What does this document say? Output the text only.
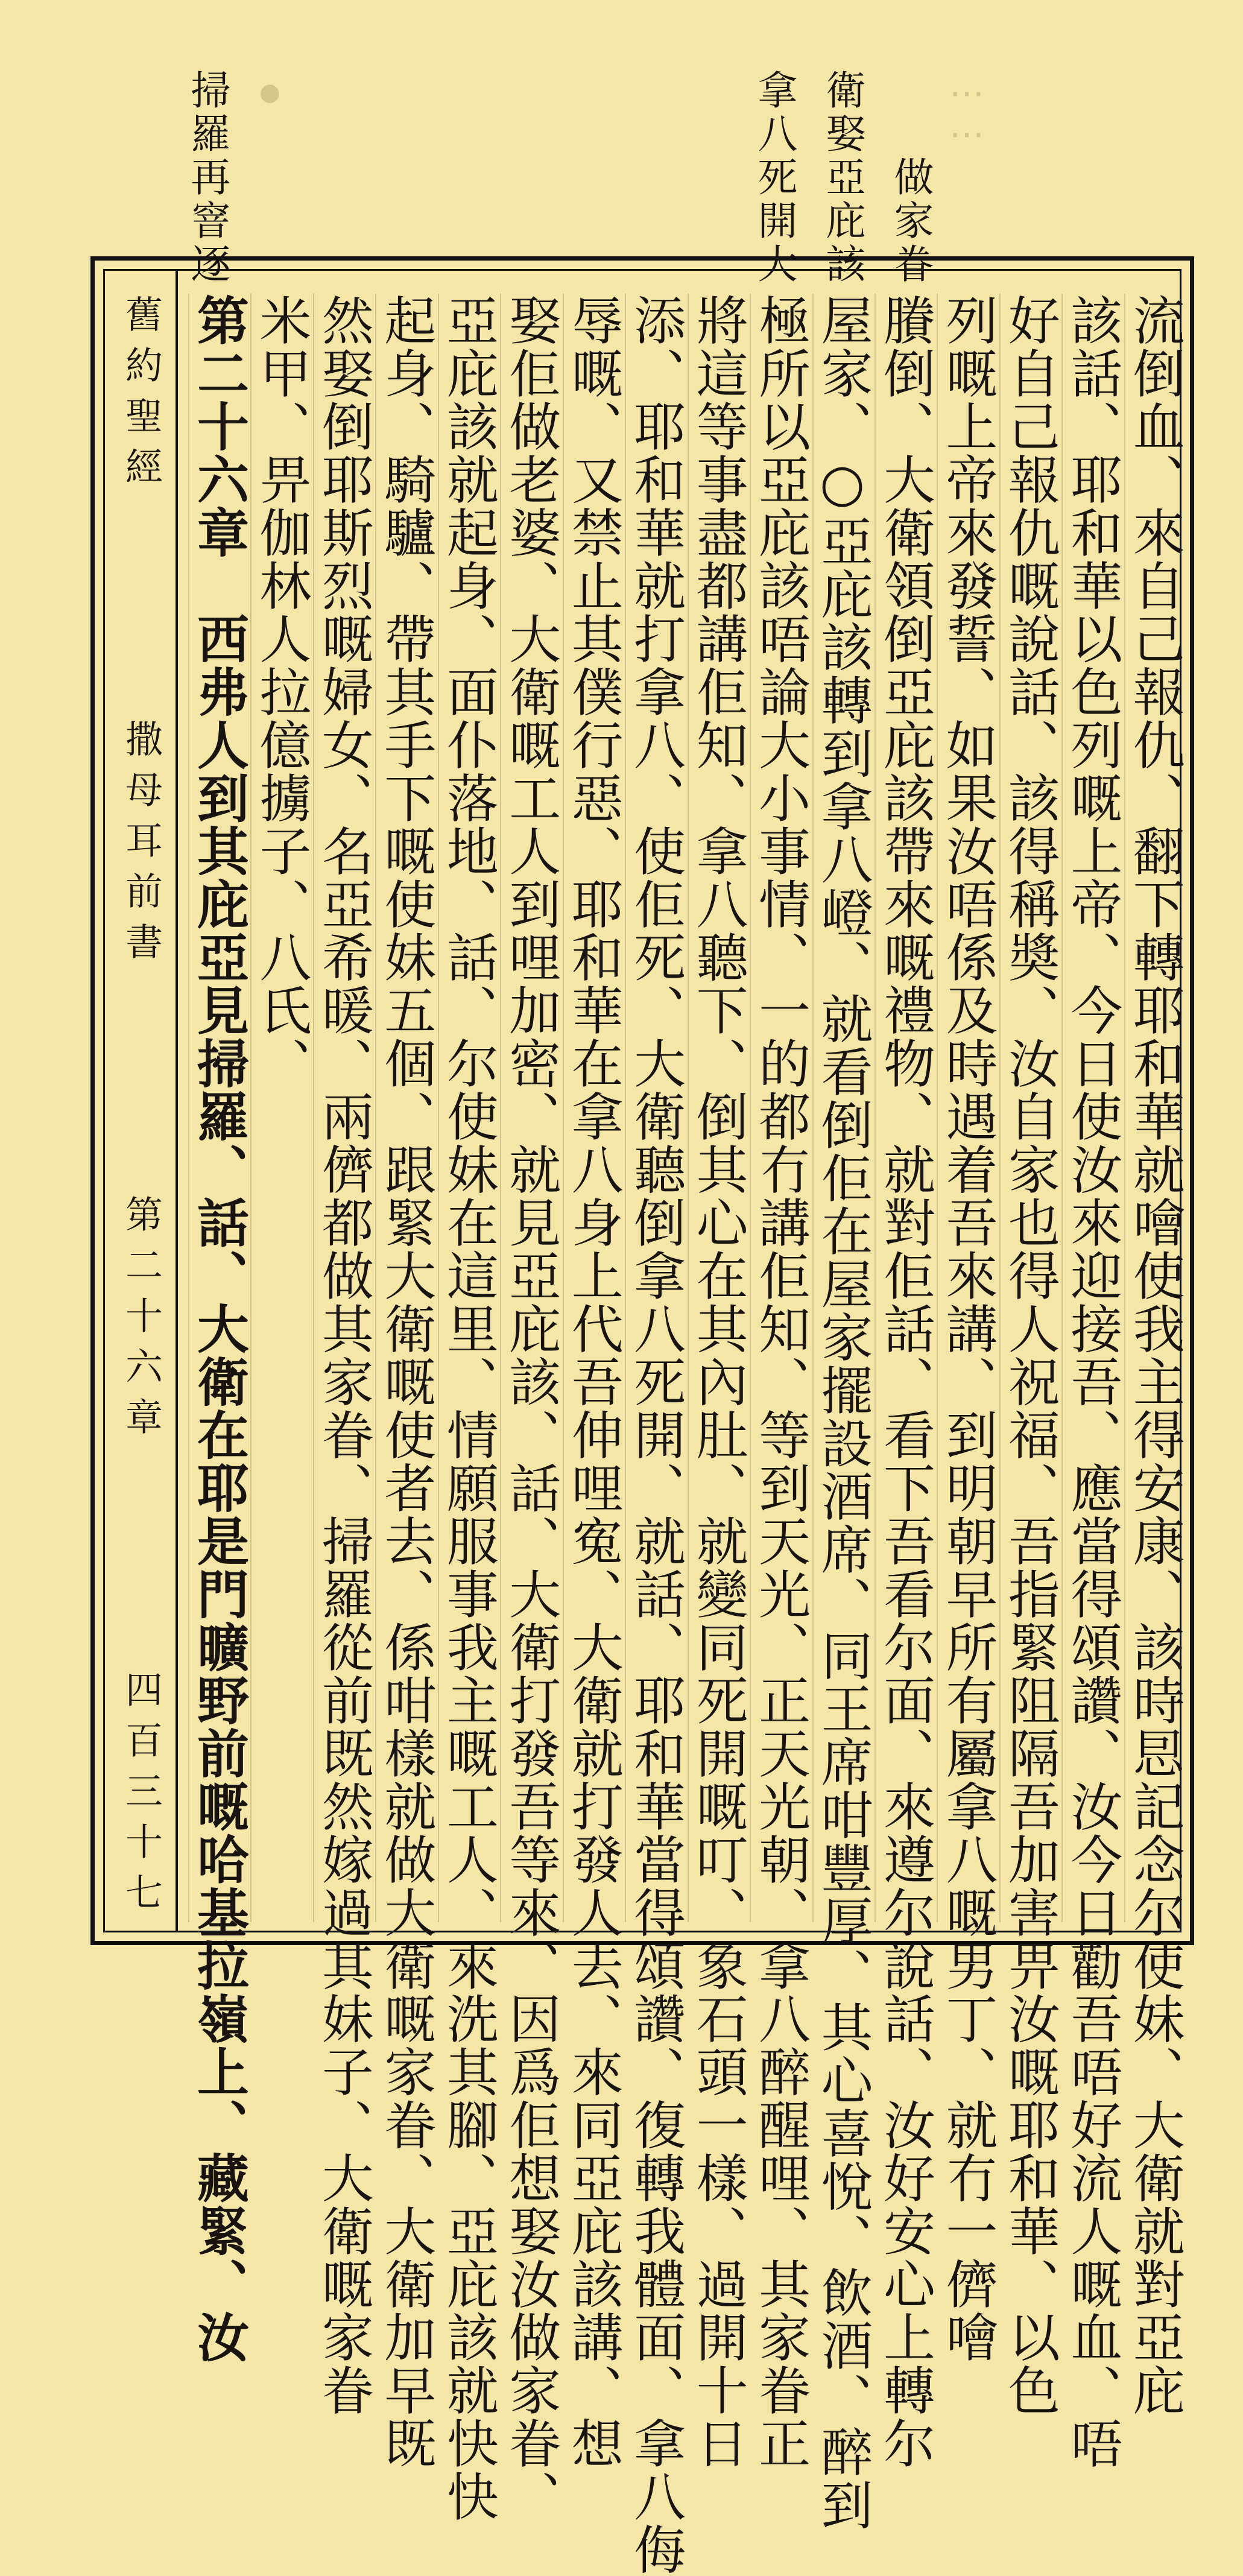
拿八死開大 衛娶亞庇該 做家眷
⋯⋯
●
掃羅再窨逐
舊約聖經
撒母耳前書
第二十六章
四百三十七	流倒血、來自己報仇、翻下轉耶和華就噲使我主得安康、該時㤙記念尔使妹、大衛就對亞庇
該話、耶和華以色列嘅上帝、今日使汝來迎接吾、應當得頌讚、汝今日勸吾唔好流人嘅血、唔
好自己報仇嘅說話、該得稱奬、汝自家也得人祝福、吾指緊阻隔吾加害畀汝嘅耶和華、以色
列嘅上帝來發誓、如果汝唔係及時遇着吾來講、到明朝早所有屬拿八嘅男丁、就冇一儕噲
賸倒、大衛領倒亞庇該帶來嘅禮物、就對佢話、看下吾看尔面、來遵尔說話、汝好安心上轉尔
屋家、○亞庇該轉到拿八嶝、就看倒佢在屋家擺設酒席、同王席咁豐厚、其心喜悅、飲酒、醉到
極所以亞庇該唔論大小事情、一的都冇講佢知、等到天光、正天光朝、拿八醉醒哩、其家眷正
將這等事盡都講佢知、拿八聽下、倒其心在其內肚、就變同死開嘅叮、象石頭一樣、過開十日
添、耶和華就打拿八、使佢死、大衛聽倒拿八死開、就話、耶和華當得頌讚、復轉我體面、拿八侮
辱嘅、又禁止其僕行惡、耶和華在拿八身上代吾伸哩寃、大衛就打發人去、來同亞庇該講、想
娶佢做老婆、大衛嘅工人到哩加密、就見亞庇該、話、大衛打發吾等來、因爲佢想娶汝做家眷、
亞庇該就起身、面仆落地、話、尔使妹在這里、情願服事我主嘅工人、來洗其腳、亞庇該就快快
起身、騎驢、帶其手下嘅使妹五個、跟緊大衛嘅使者去、係咁樣就做大衛嘅家眷、大衛加早既
然娶倒耶斯烈嘅婦女、名亞希暖、兩儕都做其家眷、掃羅從前既然嫁過其妹子、大衛嘅家眷
米甲、畀伽林人拉億擄子、八氏、
第二十六章　西弗人到其庇亞見掃羅、話、大衛在耶是門曠野前嘅哈基拉嶺上、藏緊、汝
